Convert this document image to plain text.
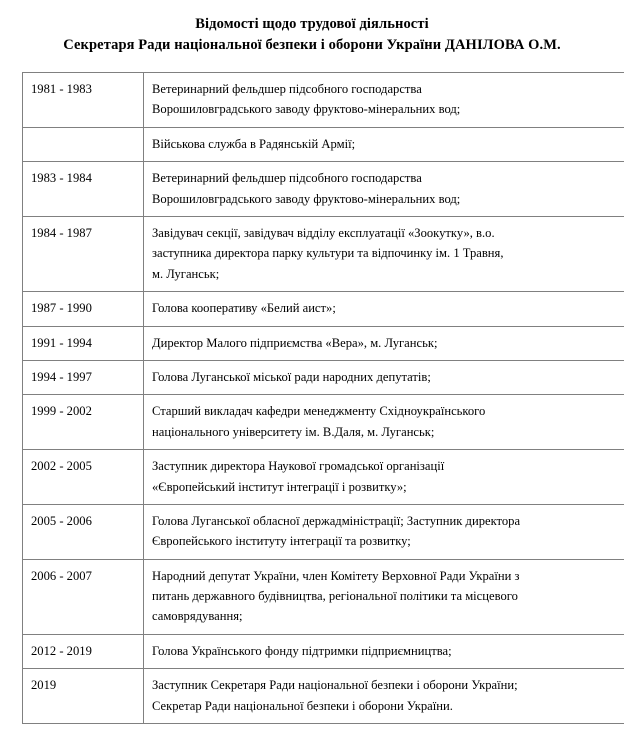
Відомості щодо трудової діяльності
Секретаря Ради національної безпеки і оборони України ДАНІЛОВА О.М.
1981 - 1983	Ветеринарний фельдшер підсобного господарства
Ворошиловградського заводу фруктово-мінеральних вод;

	Військова служба в Радянській Армії;

1983 - 1984	Ветеринарний фельдшер підсобного господарства
Ворошиловградського заводу фруктово-мінеральних вод;

1984 - 1987	Завідувач секції, завідувач відділу експлуатації «Зоокутку», в.о.
заступника директора парку культури та відпочинку ім. 1 Травня,
м. Луганськ;

1987 - 1990	Голова кооперативу «Белий аист»;

1991 - 1994	Директор Малого підприємства «Вера», м. Луганськ;

1994 - 1997	Голова Луганської міської ради народних депутатів;

1999 - 2002	Старший викладач кафедри менеджменту Східноукраїнського
національного університету ім. В.Даля, м. Луганськ;

2002 - 2005	Заступник директора Наукової громадської організації
«Європейський інститут інтеграції і розвитку»;

2005 - 2006	Голова Луганської обласної держадміністрації; Заступник директора
Європейського інституту інтеграції та розвитку;

2006 - 2007	Народний депутат України, член Комітету Верховної Ради України з
питань державного будівництва, регіональної політики та місцевого
самоврядування;

2012 - 2019	Голова Українського фонду підтримки підприємництва;

2019	Заступник Секретаря Ради національної безпеки і оборони України;
Секретар Ради національної безпеки і оборони України.
